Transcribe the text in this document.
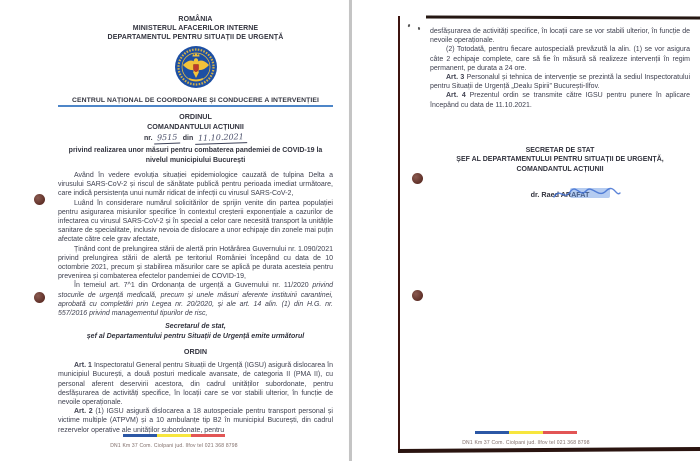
ROMÂNIA
MINISTERUL AFACERILOR INTERNE
DEPARTAMENTUL PENTRU SITUAȚII DE URGENȚĂ
CENTRUL NAȚIONAL DE COORDONARE ȘI CONDUCERE A INTERVENȚIEI
ORDINUL
COMANDANTULUI ACȚIUNII
nr. 9515 din 11.10.2021
privind realizarea unor măsuri pentru combaterea pandemiei de COVID-19 la nivelul municipiului București

Având în vedere evoluția situației epidemiologice cauzată de tulpina Delta a virusului SARS-CoV-2 și riscul de sănătate publică pentru perioada imediat următoare, care indică persistența unui număr ridicat de infecții cu virusul SARS-CoV-2,

Luând în considerare numărul solicitărilor de sprijin venite din partea populației pentru asigurarea misiunilor specifice în contextul creșterii exponențiale a cazurilor de infectarea cu virusul SARS-CoV-2 și în special a celor care necesită transport la unitățile sanitare de specialitate, inclusiv nevoia de dislocare a unor echipaje din zonele mai puțin afectate către cele grav afectate,

Ținând cont de prelungirea stării de alertă prin Hotărârea Guvernului nr. 1.090/2021 privind prelungirea stării de alertă pe teritoriul României începând cu data de 10 octombrie 2021, precum și stabilirea măsurilor care se aplică pe durata acesteia pentru prevenirea și combaterea efectelor pandemiei de COVID-19,

În temeiul art. 7^1 din Ordonanța de urgență a Guvernului nr. 11/2020 privind stocurile de urgență medicală, precum și unele măsuri aferente instituirii carantinei, aprobată cu completări prin Legea nr. 20/2020, și ale art. 14 alin. (1) din H.G. nr. 557/2016 privind managementul tipurilor de risc,

Secretarul de stat,
șef al Departamentului pentru Situații de Urgență emite următorul
ORDIN

Art. 1 Inspectoratul General pentru Situații de Urgență (IGSU) asigură dislocarea în municipiul București, a două posturi medicale avansate, de categoria II (PMA II), cu personal aferent deservirii acestora, din cadrul unităților subordonate, pentru desfășurarea de activități specifice, în locații care se vor stabili ulterior, în funcție de nevoile operaționale.

Art. 2 (1) IGSU asigură dislocarea a 18 autospeciale pentru transport personal și victime multiple (ATPVM) și a 10 ambulanțe tip B2 în municipiul București, din cadrul rezervelor operative ale unităților subordonate, pentru

DN1 Km 37 Com. Ciolpani jud. Ilfov tel 021 368 8798

desfășurarea de activități specifice, în locații care se vor stabili ulterior, în funcție de nevoile operaționale.

(2) Totodată, pentru fiecare autospecială prevăzută la alin. (1) se vor asigura câte 2 echipaje complete, care să fie în măsură să realizeze intervenții în regim permanent, pe durata a 24 ore.

Art. 3 Personalul și tehnica de intervenție se prezintă la sediul Inspectoratului pentru Situații de Urgență „Dealu Spirii” București-Ilfov.

Art. 4 Prezentul ordin se transmite către IGSU pentru punere în aplicare începând cu data de 11.10.2021.

SECRETAR DE STAT
ȘEF AL DEPARTAMENTULUI PENTRU SITUAȚII DE URGENȚĂ,
COMANDANTUL ACȚIUNII
dr. Raed ARAFAT
DN1 Km 37 Com. Ciolpani jud. Ilfov tel 021 368 8798
